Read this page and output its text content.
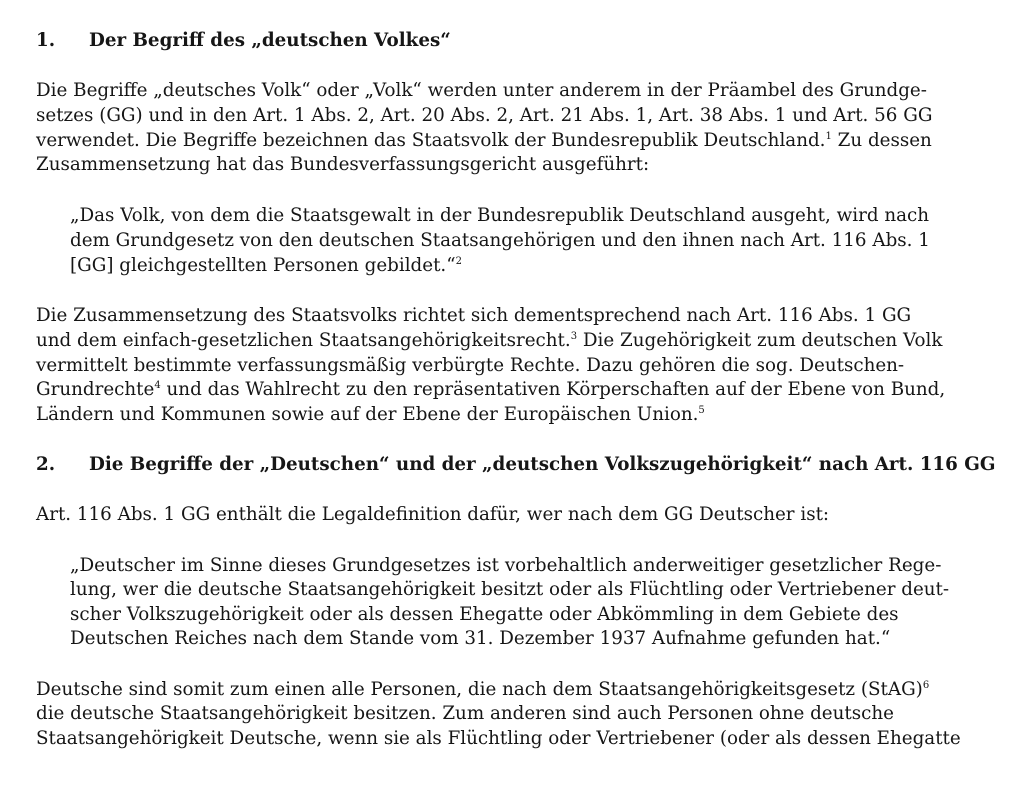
1. Der Begriff des „deutschen Volkes“
Die Begriffe „deutsches Volk“ oder „Volk“ werden unter anderem in der Präambel des Grundge-
setzes (GG) und in den Art. 1 Abs. 2, Art. 20 Abs. 2, Art. 21 Abs. 1, Art. 38 Abs. 1 und Art. 56 GG
verwendet. Die Begriffe bezeichnen das Staatsvolk der Bundesrepublik Deutschland.$^1$ Zu dessen
Zusammensetzung hat das Bundesverfassungsgericht ausgeführt:
„Das Volk, von dem die Staatsgewalt in der Bundesrepublik Deutschland ausgeht, wird nach
dem Grundgesetz von den deutschen Staatsangehörigen und den ihnen nach Art. 116 Abs. 1
[GG] gleichgestellten Personen gebildet.“$^2$
Die Zusammensetzung des Staatsvolks richtet sich dementsprechend nach Art. 116 Abs. 1 GG
und dem einfach-gesetzlichen Staatsangehörigkeitsrecht.$^3$ Die Zugehörigkeit zum deutschen Volk
vermittelt bestimmte verfassungsmäßig verbürgte Rechte. Dazu gehören die sog. Deutschen-
Grundrechte$^4$ und das Wahlrecht zu den repräsentativen Körperschaften auf der Ebene von Bund,
Ländern und Kommunen sowie auf der Ebene der Europäischen Union.$^5$
2. Die Begriffe der „Deutschen“ und der „deutschen Volkszugehörigkeit“ nach Art. 116 GG
Art. 116 Abs. 1 GG enthält die Legaldefinition dafür, wer nach dem GG Deutscher ist:
„Deutscher im Sinne dieses Grundgesetzes ist vorbehaltlich anderweitiger gesetzlicher Rege-
lung, wer die deutsche Staatsangehörigkeit besitzt oder als Flüchtling oder Vertriebener deut-
scher Volkszugehörigkeit oder als dessen Ehegatte oder Abkömmling in dem Gebiete des
Deutschen Reiches nach dem Stande vom 31. Dezember 1937 Aufnahme gefunden hat.“
Deutsche sind somit zum einen alle Personen, die nach dem Staatsangehörigkeitsgesetz (StAG)$^6$
die deutsche Staatsangehörigkeit besitzen. Zum anderen sind auch Personen ohne deutsche
Staatsangehörigkeit Deutsche, wenn sie als Flüchtling oder Vertriebener (oder als dessen Ehegatte
